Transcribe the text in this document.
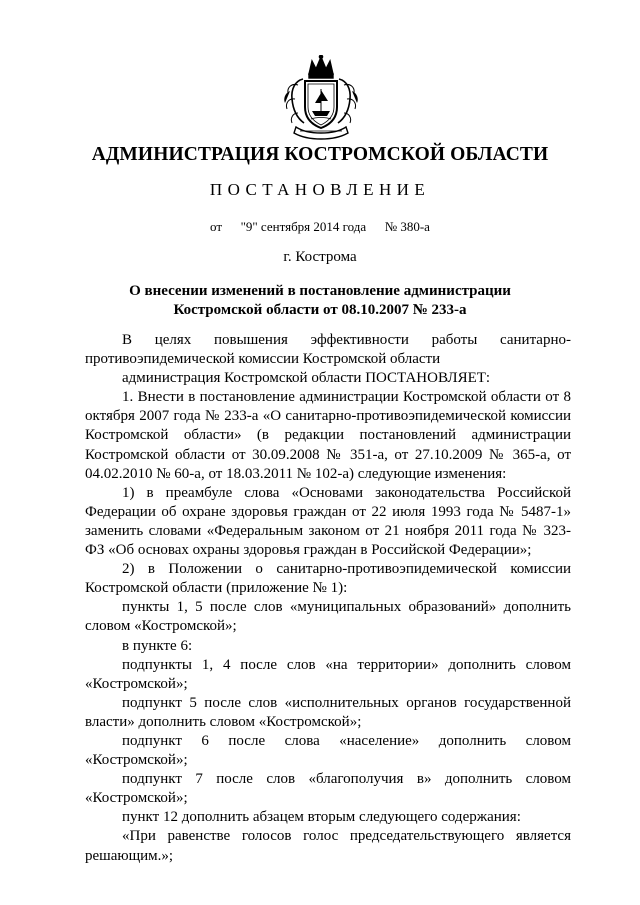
АДМИНИСТРАЦИЯ КОСТРОМСКОЙ ОБЛАСТИ
ПОСТАНОВЛЕНИЕ
от "9" сентября 2014 года № 380-а
г. Кострома
О внесении изменений в постановление администрации
Костромской области от 08.10.2007 № 233-а

В целях повышения эффективности работы санитарно-противоэпидемической комиссии Костромской области

администрация Костромской области ПОСТАНОВЛЯЕТ:

1. Внести в постановление администрации Костромской области от 8 октября 2007 года № 233-а «О санитарно-противоэпидемической комиссии Костромской области» (в редакции постановлений администрации Костромской области от 30.09.2008 № 351-а, от 27.10.2009 № 365-а, от 04.02.2010 № 60-а, от 18.03.2011 № 102-а) следующие изменения:

1) в преамбуле слова «Основами законодательства Российской Федерации об охране здоровья граждан от 22 июля 1993 года № 5487-1» заменить словами «Федеральным законом от 21 ноября 2011 года № 323-ФЗ «Об основах охраны здоровья граждан в Российской Федерации»;

2) в Положении о санитарно-противоэпидемической комиссии Костромской области (приложение № 1):

пункты 1, 5 после слов «муниципальных образований» дополнить словом «Костромской»;

в пункте 6:

подпункты 1, 4 после слов «на территории» дополнить словом «Костромской»;

подпункт 5 после слов «исполнительных органов государственной власти» дополнить словом «Костромской»;

подпункт 6 после слова «население» дополнить словом «Костромской»;

подпункт 7 после слов «благополучия в» дополнить словом «Костромской»;

пункт 12 дополнить абзацем вторым следующего содержания:

«При равенстве голосов голос председательствующего является решающим.»;
